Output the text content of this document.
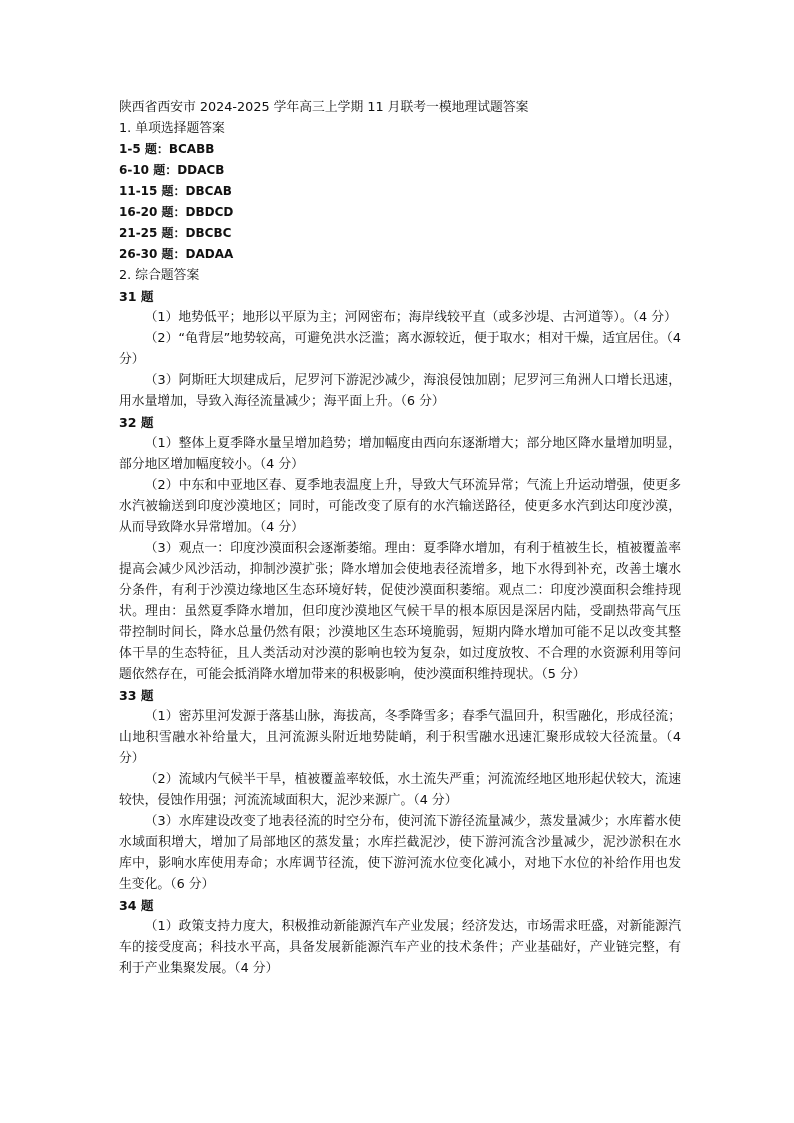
陕西省西安市 2024-2025 学年高三上学期 11 月联考一模地理试题答案
1. 单项选择题答案
1-5 题：BCABB
6-10 题：DDACB
11-15 题：DBCAB
16-20 题：DBDCD
21-25 题：DBCBC
26-30 题：DADAA
2. 综合题答案
31 题

（1）地势低平；地形以平原为主；河网密布；海岸线较平直（或多沙堤、古河道等）。（4 分）

（2）“龟背层”地势较高，可避免洪水泛滥；离水源较近，便于取水；相对干燥，适宜居住。（4 分）

（3）阿斯旺大坝建成后，尼罗河下游泥沙减少，海浪侵蚀加剧；尼罗河三角洲人口增长迅速，用水量增加，导致入海径流量减少；海平面上升。（6 分）

32 题

（1）整体上夏季降水量呈增加趋势；增加幅度由西向东逐渐增大；部分地区降水量增加明显，部分地区增加幅度较小。（4 分）

（2）中东和中亚地区春、夏季地表温度上升，导致大气环流异常；气流上升运动增强，使更多水汽被输送到印度沙漠地区；同时，可能改变了原有的水汽输送路径，使更多水汽到达印度沙漠，从而导致降水异常增加。（4 分）

（3）观点一：印度沙漠面积会逐渐萎缩。理由：夏季降水增加，有利于植被生长，植被覆盖率提高会减少风沙活动，抑制沙漠扩张；降水增加会使地表径流增多，地下水得到补充，改善土壤水分条件，有利于沙漠边缘地区生态环境好转，促使沙漠面积萎缩。观点二：印度沙漠面积会维持现状。理由：虽然夏季降水增加，但印度沙漠地区气候干旱的根本原因是深居内陆，受副热带高气压带控制时间长，降水总量仍然有限；沙漠地区生态环境脆弱，短期内降水增加可能不足以改变其整体干旱的生态特征，且人类活动对沙漠的影响也较为复杂，如过度放牧、不合理的水资源利用等问题依然存在，可能会抵消降水增加带来的积极影响，使沙漠面积维持现状。（5 分）

33 题

（1）密苏里河发源于落基山脉，海拔高，冬季降雪多；春季气温回升，积雪融化，形成径流；山地积雪融水补给量大，且河流源头附近地势陡峭，利于积雪融水迅速汇聚形成较大径流量。（4 分）

（2）流域内气候半干旱，植被覆盖率较低，水土流失严重；河流流经地区地形起伏较大，流速较快，侵蚀作用强；河流流域面积大，泥沙来源广。（4 分）

（3）水库建设改变了地表径流的时空分布，使河流下游径流量减少，蒸发量减少；水库蓄水使水域面积增大，增加了局部地区的蒸发量；水库拦截泥沙，使下游河流含沙量减少，泥沙淤积在水库中，影响水库使用寿命；水库调节径流，使下游河流水位变化减小，对地下水位的补给作用也发生变化。（6 分）

34 题

（1）政策支持力度大，积极推动新能源汽车产业发展；经济发达，市场需求旺盛，对新能源汽车的接受度高；科技水平高，具备发展新能源汽车产业的技术条件；产业基础好，产业链完整，有利于产业集聚发展。（4 分）
